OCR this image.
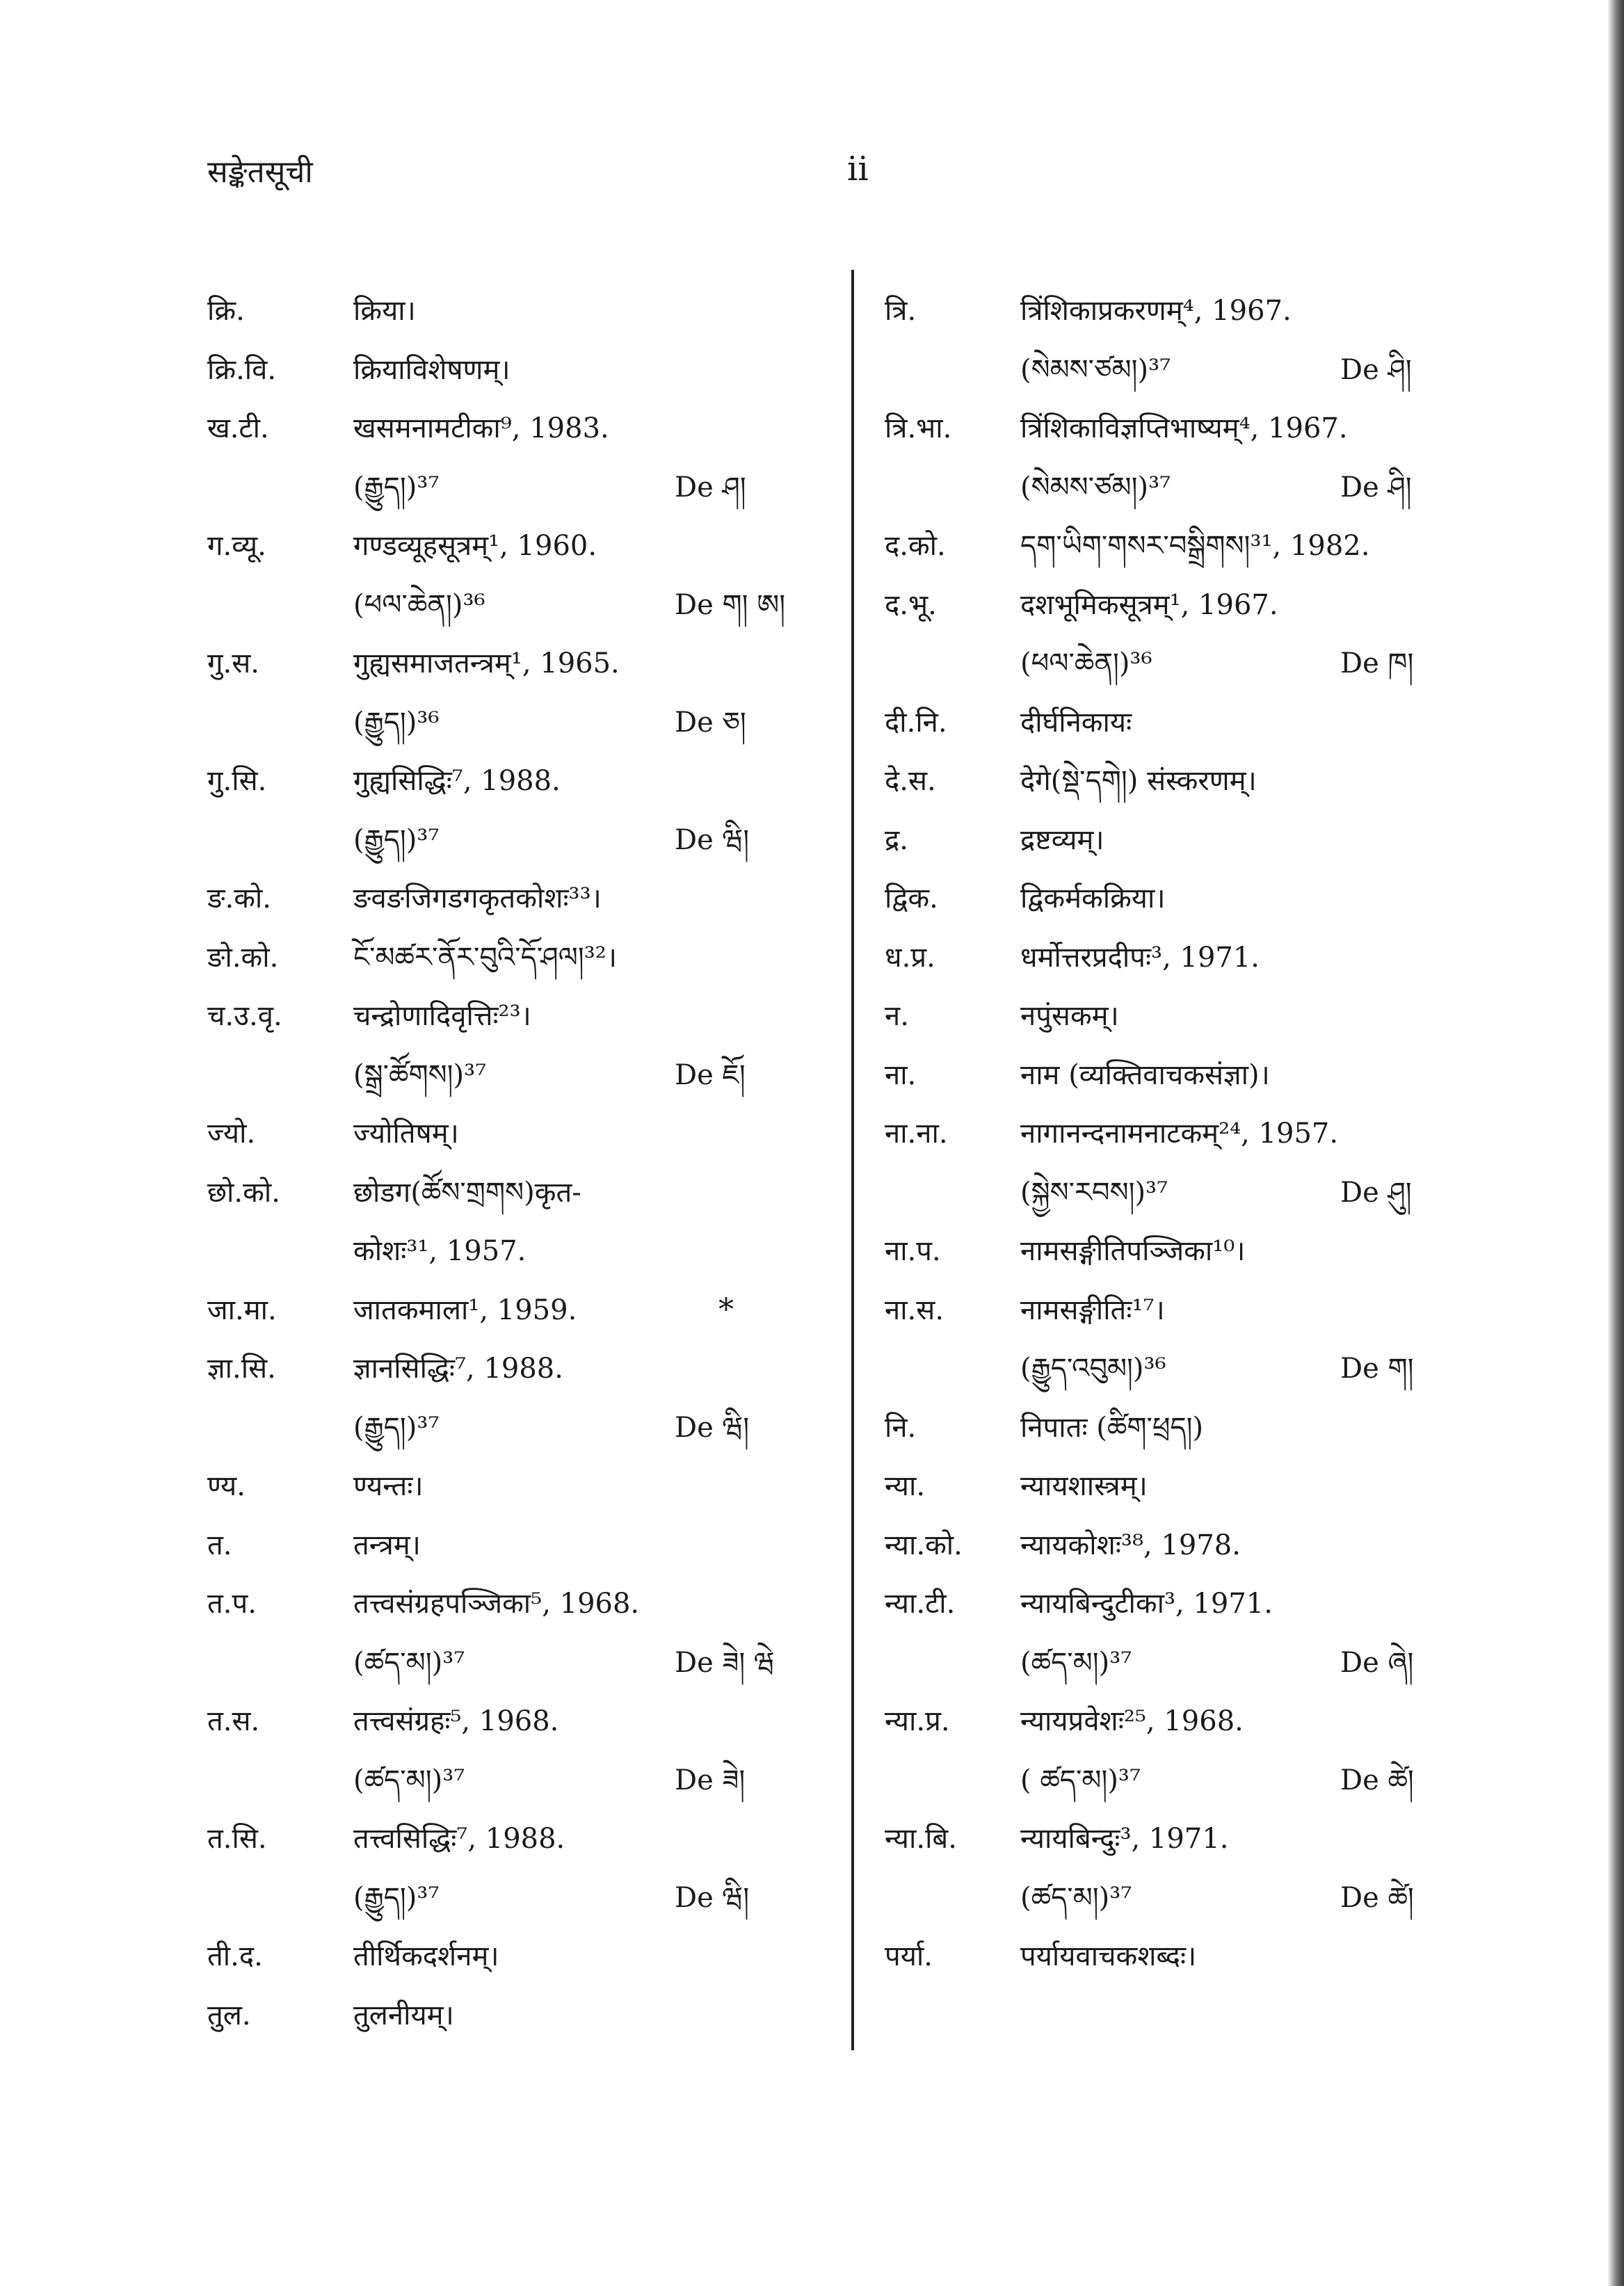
सङ्केतसूची	ii
क्रि.	क्रिया।
क्रि.वि.	क्रियाविशेषणम्।
ख.टी.	खसमनामटीका⁹, 1983.
(རྒྱུད།)³⁷	De ཤ།
ग.व्यू.	गण्डव्यूहसूत्रम्¹, 1960.
(ཕལ་ཆེན།)³⁶	De ག། ཨ།
गु.स.	गुह्यसमाजतन्त्रम्¹, 1965.
(རྒྱུད།)³⁶	De ཅ།
गु.सि.	गुह्यसिद्धिः⁷, 1988.
(རྒྱུད།)³⁷	De ཝི།
ङ.को.	ङवङजिगडगकृतकोशः³³।
ङो.को.	ངོ་མཚར་ནོར་བུའི་དོ་ཤལ།³²।
च.उ.वृ.	चन्द्रोणादिवृत्तिः²³।
(སྒྲ་ཚོགས།)³⁷	De ཇོ།
ज्यो.	ज्योतिषम्।
छो.को.	छोडग(ཚོས་གྲགས)कृत-
कोशः³¹, 1957.
जा.मा.	जातकमाला¹, 1959.	*
ज्ञा.सि.	ज्ञानसिद्धिः⁷, 1988.
(རྒྱུད།)³⁷	De ཝི།
ण्य.	ण्यन्तः।
त.	तन्त्रम्।
त.प.	तत्त्वसंग्रहपञ्जिका⁵, 1968.
(ཚད་མ།)³⁷	De ཟེ། ཝེ
त.स.	तत्त्वसंग्रहः⁵, 1968.
(ཚད་མ།)³⁷	De ཟེ།
त.सि.	तत्त्वसिद्धिः⁷, 1988.
(རྒྱུད།)³⁷	De ཝི།
ती.द.	तीर्थिकदर्शनम्।
तुल.	तुलनीयम्।
त्रि.	त्रिंशिकाप्रकरणम्⁴, 1967.
(སེམས་ཙམ།)³⁷	De ཤི།
त्रि.भा. त्रिंशिकाविज्ञप्तिभाष्यम्⁴, 1967.
(སེམས་ཙམ།)³⁷	De ཤི།
द.को.	དག་ཡིག་གསར་བསྒྲིགས།³¹, 1982.
द.भू.	दशभूमिकसूत्रम्¹, 1967.
(ཕལ་ཆེན།)³⁶	De ཁ།
दी.नि.	दीर्घनिकायः
दे.स.	देगे(སྡེ་དགེ།) संस्करणम्।
द्र.	द्रष्टव्यम्।
द्विक.	द्विकर्मकक्रिया।
ध.प्र.	धर्मोत्तरप्रदीपः³, 1971.
न.	नपुंसकम्।
ना.	नाम (व्यक्तिवाचकसंज्ञा)।
ना.ना.	नागानन्दनामनाटकम्²⁴, 1957.
(སྐྱེས་རབས།)³⁷	De ཤུ།
ना.प.	नामसङ्गीतिपञ्जिका¹⁰।
ना.स.	नामसङ्गीतिः¹⁷।
(རྒྱུད་འབུམ།)³⁶	De ག།
नि.	निपातः (ཚིག་ཕྲད།)
न्या.	न्यायशास्त्रम्।
न्या.को. न्यायकोशः³⁸, 1978.
न्या.टी. न्यायबिन्दुटीका³, 1971.
(ཚད་མ།)³⁷	De ཞེ།
न्या.प्र.	न्यायप्रवेशः²⁵, 1968.
( ཚད་མ།)³⁷	De ཚེ།
न्या.बि. न्यायबिन्दुः³, 1971.
(ཚད་མ།)³⁷	De ཚེ།
पर्या.	पर्यायवाचकशब्दः।
